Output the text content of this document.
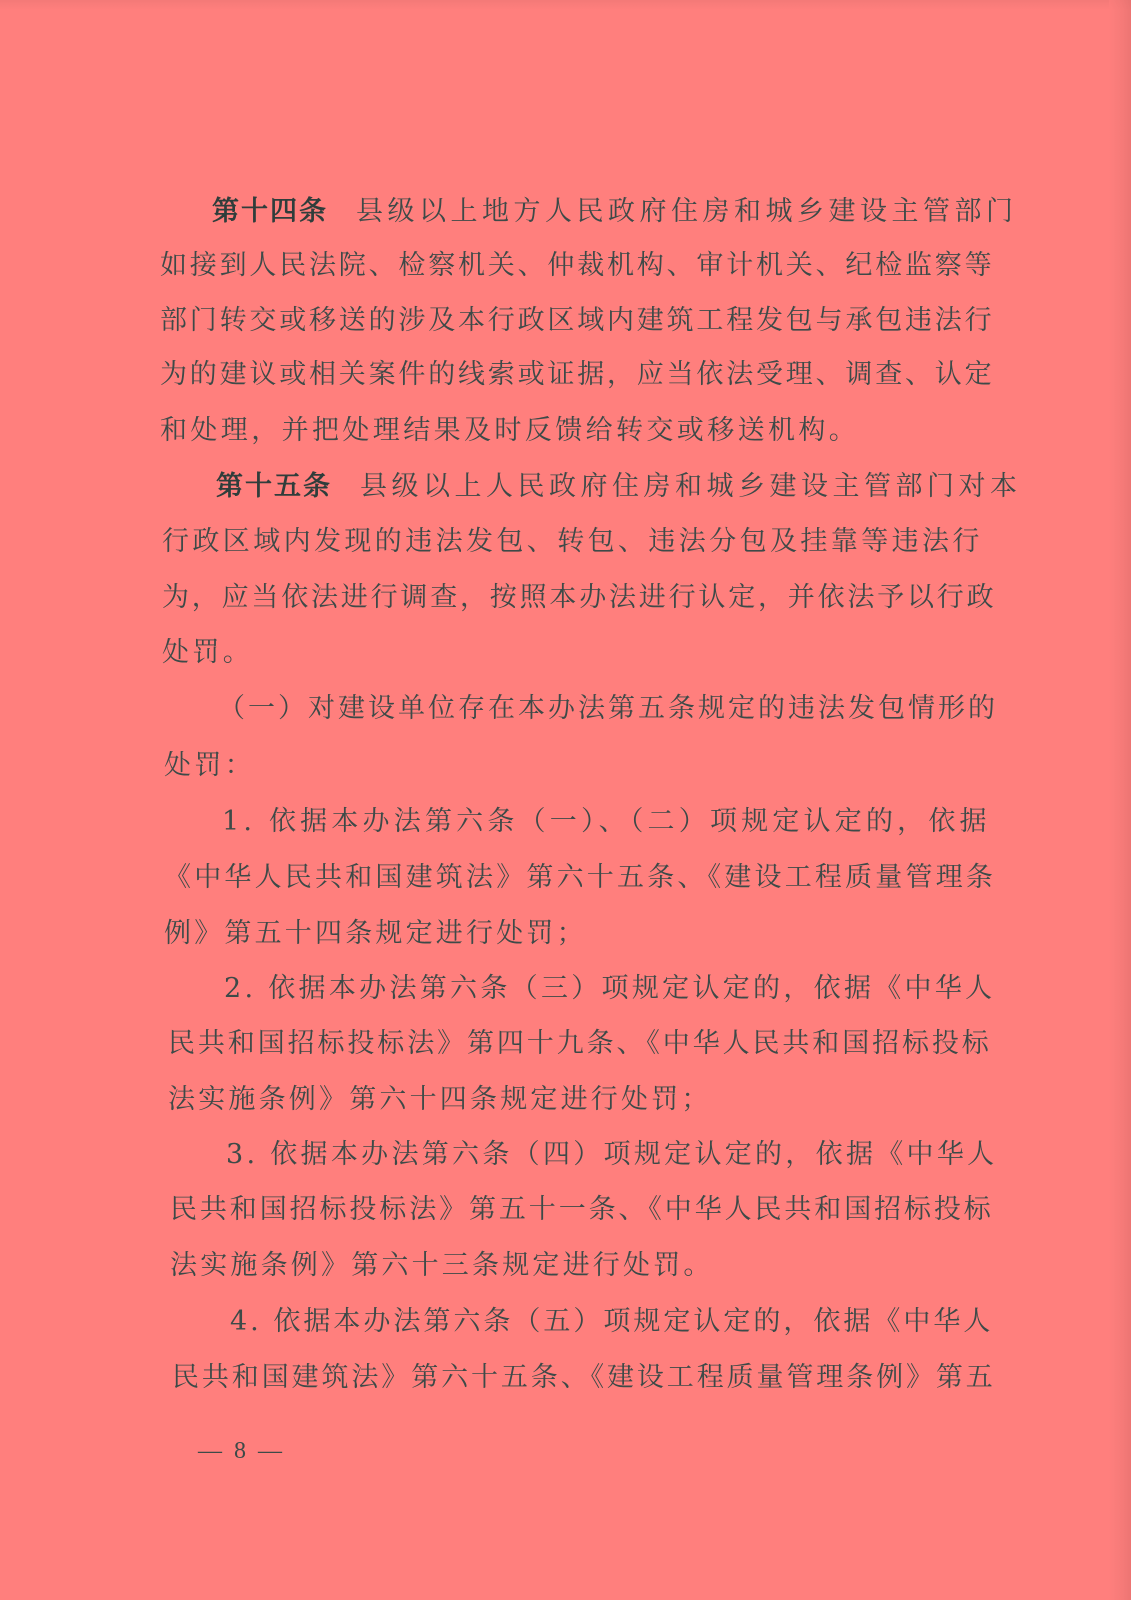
第十四条 县级以上地方人民政府住房和城乡建设主管部门
如接到人民法院、检察机关、仲裁机构、审计机关、纪检监察等
部门转交或移送的涉及本行政区域内建筑工程发包与承包违法行
为的建议或相关案件的线索或证据，应当依法受理、调查、认定
和处理，并把处理结果及时反馈给转交或移送机构。
第十五条 县级以上人民政府住房和城乡建设主管部门对本
行政区域内发现的违法发包、转包、违法分包及挂靠等违法行
为，应当依法进行调查，按照本办法进行认定，并依法予以行政
处罚。
（一）对建设单位存在本办法第五条规定的违法发包情形的
处罚：
1. 依据本办法第六条（一）、（二）项规定认定的，依据
《中华人民共和国建筑法》第六十五条、《建设工程质量管理条
例》第五十四条规定进行处罚；
2. 依据本办法第六条（三）项规定认定的，依据《中华人
民共和国招标投标法》第四十九条、《中华人民共和国招标投标
法实施条例》第六十四条规定进行处罚；
3. 依据本办法第六条（四）项规定认定的，依据《中华人
民共和国招标投标法》第五十一条、《中华人民共和国招标投标
法实施条例》第六十三条规定进行处罚。
4. 依据本办法第六条（五）项规定认定的，依据《中华人
民共和国建筑法》第六十五条、《建设工程质量管理条例》第五
— 8 —
